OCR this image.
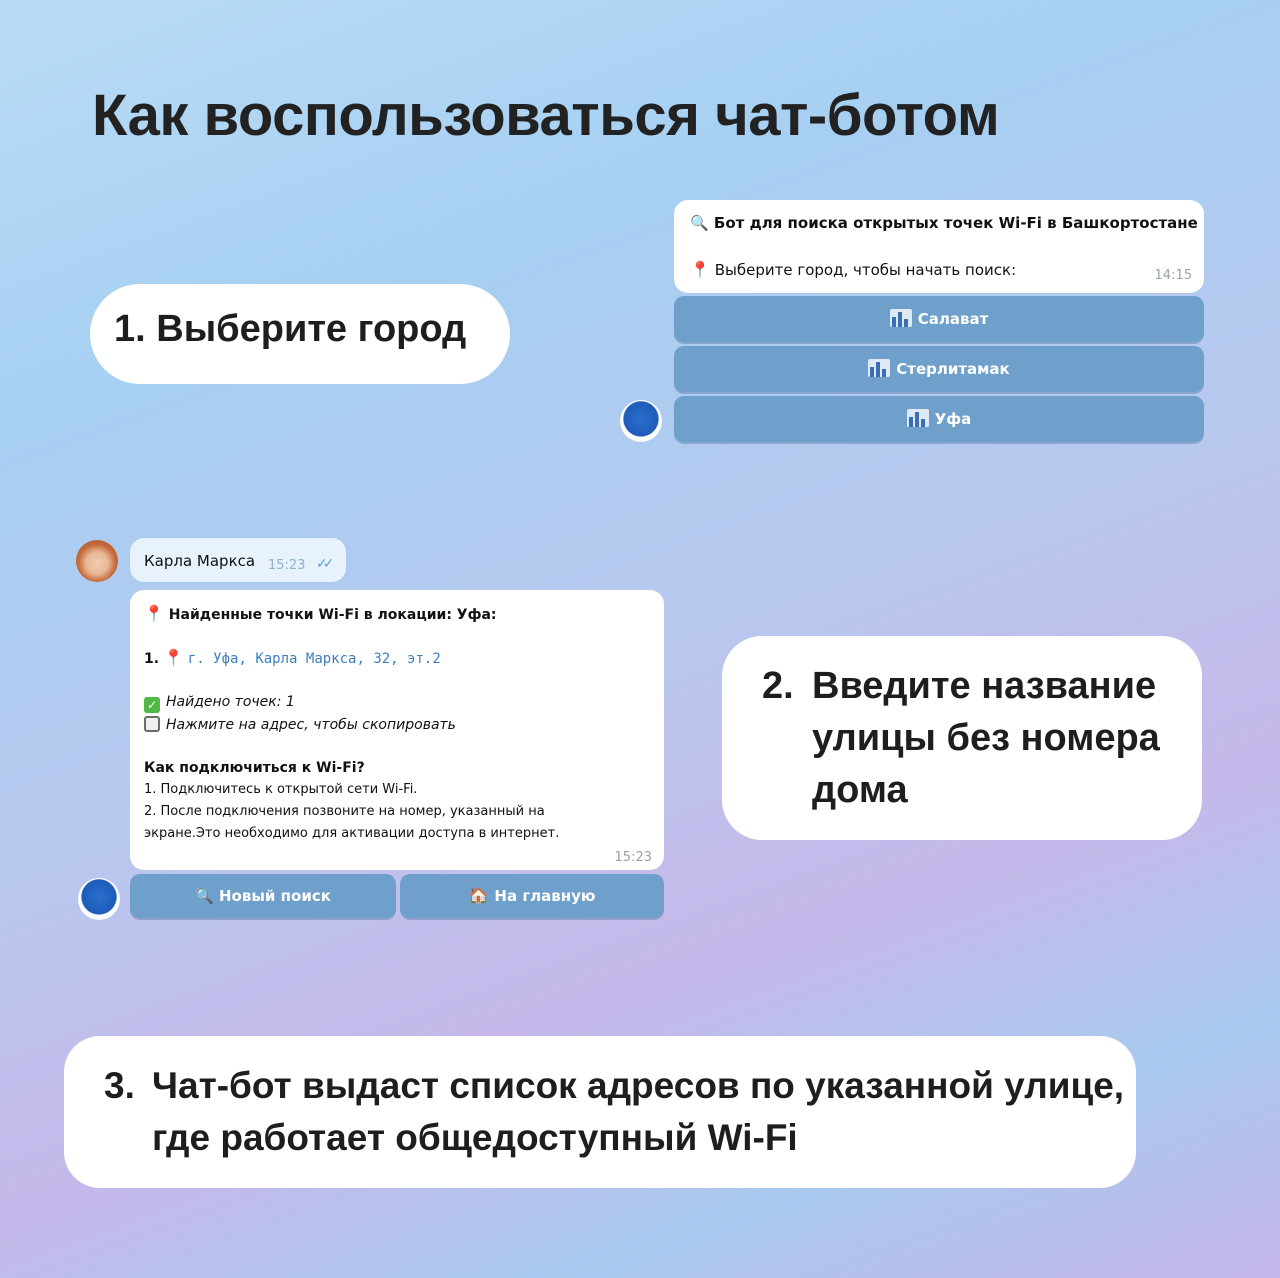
Как воспользоваться чат-ботом
1. Выберите город
🔍 Бот для поиска открытых точек Wi-Fi в Башкортостане
📍 Выберите город, чтобы начать поиск:	14:15
Салават
Стерлитамак
Уфа
Карла Маркса 15:23 ✓✓
📍 Найденные точки Wi-Fi в локации: Уфа:
1. 📍 г. Уфа, Карла Маркса, 32, эт.2
✓ Найдено точек: 1
Нажмите на адрес, чтобы скопировать
Как подключиться к Wi-Fi?
1. Подключитесь к открытой сети Wi-Fi.
2. После подключения позвоните на номер, указанный на
экране.Это необходимо для активации доступа в интернет.
15:23
🔍 Новый поиск	🏠 На главную
2. Введите название улицы без номера дома
3. Чат-бот выдаст список адресов по указанной улице, где работает общедоступный Wi-Fi
